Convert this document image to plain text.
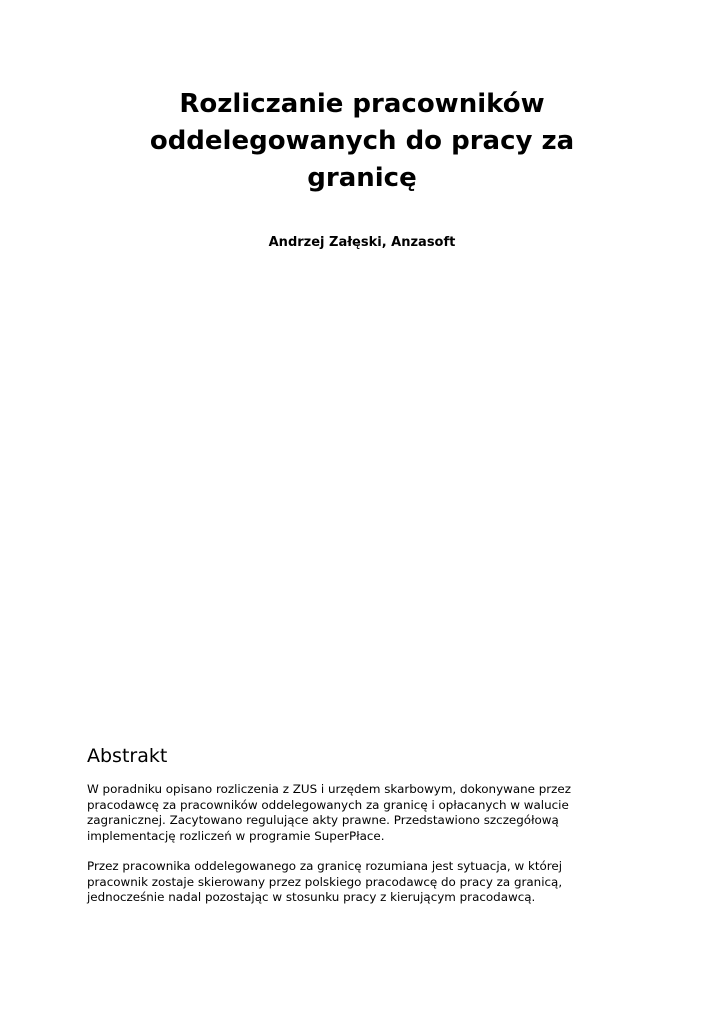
Rozliczanie pracowników
oddelegowanych do pracy za
granicę

Andrzej Załęski, Anzasoft

Abstrakt
W poradniku opisano rozliczenia z ZUS i urzędem skarbowym, dokonywane przez
pracodawcę za pracowników oddelegowanych za granicę i opłacanych w walucie
zagranicznej. Zacytowano regulujące akty prawne. Przedstawiono szczegółową
implementację rozliczeń w programie SuperPłace.
Przez pracownika oddelegowanego za granicę rozumiana jest sytuacja, w której
pracownik zostaje skierowany przez polskiego pracodawcę do pracy za granicą,
jednocześnie nadal pozostając w stosunku pracy z kierującym pracodawcą.
